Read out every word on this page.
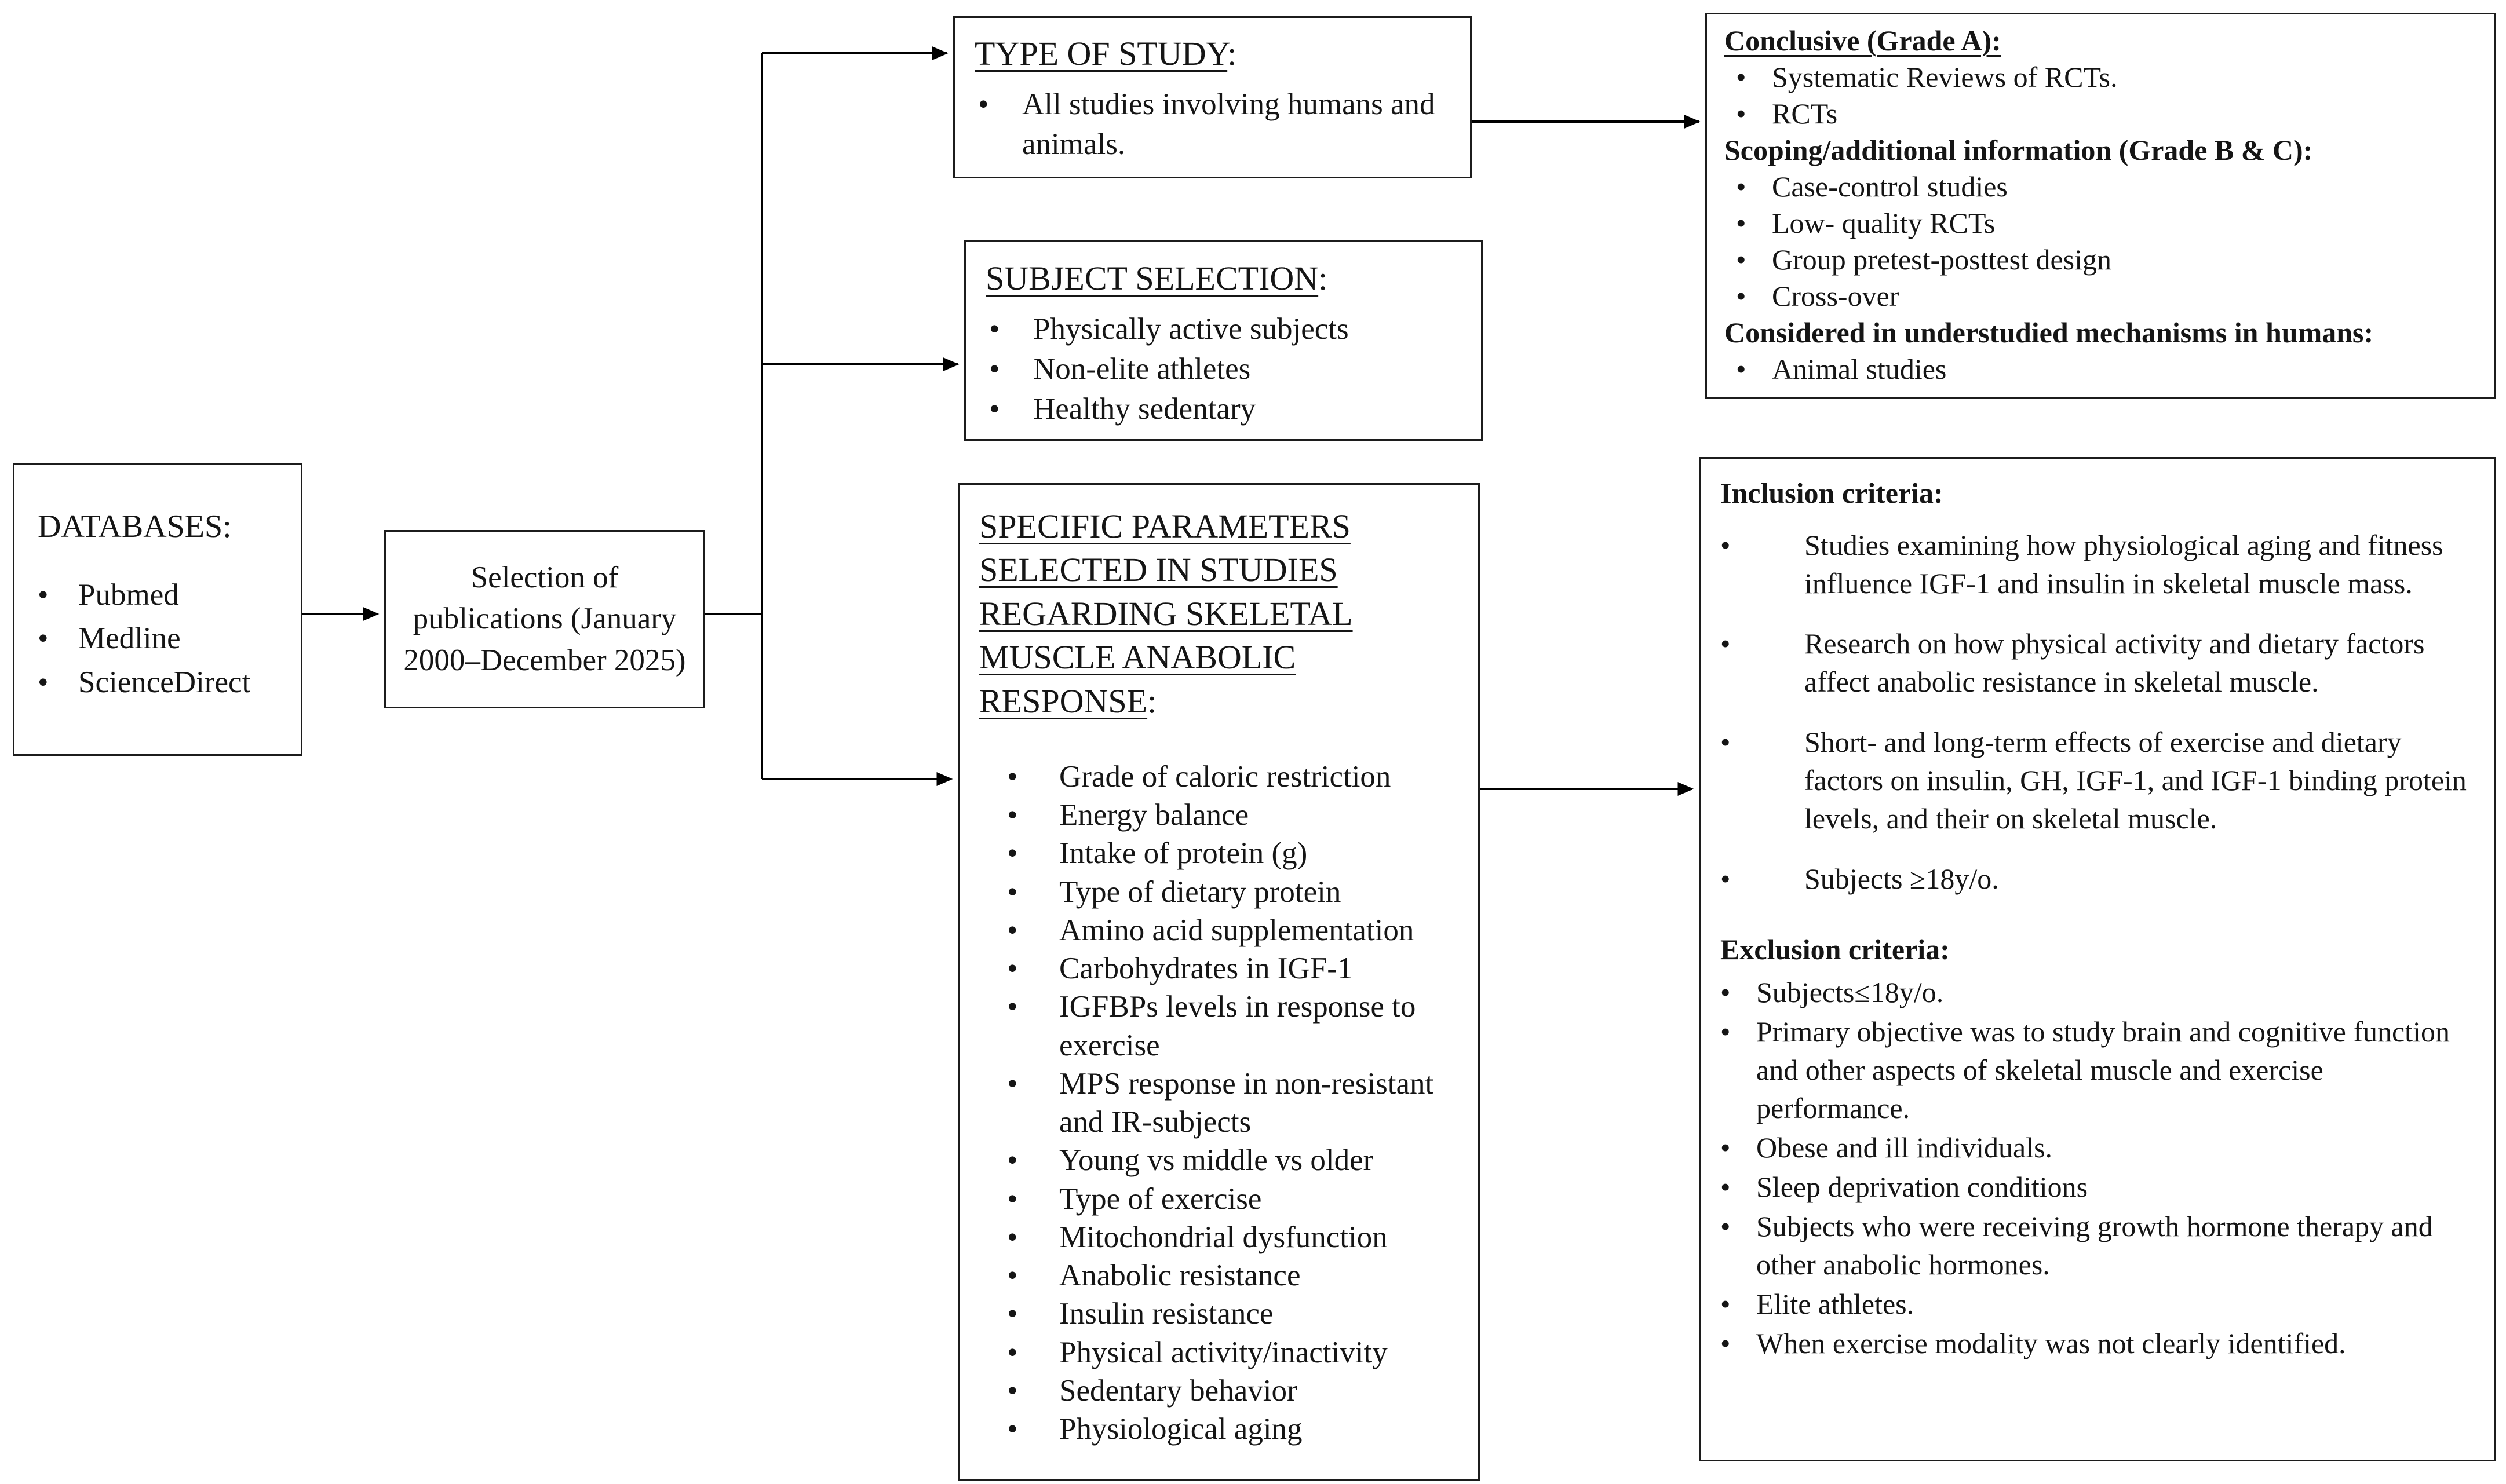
DATABASES:
• Pubmed
• Medline
• ScienceDirect
Selection of publications (January 2000–December 2025)
TYPE OF STUDY:
• All studies involving humans and animals.
SUBJECT SELECTION:
• Physically active subjects
• Non-elite athletes
• Healthy sedentary
SPECIFIC PARAMETERS SELECTED IN STUDIES REGARDING SKELETAL MUSCLE ANABOLIC RESPONSE:
• Grade of caloric restriction
• Energy balance
• Intake of protein (g)
• Type of dietary protein
• Amino acid supplementation
• Carbohydrates in IGF-1
• IGFBPs levels in response to exercise
• MPS response in non-resistant and IR-subjects
• Young vs middle vs older
• Type of exercise
• Mitochondrial dysfunction
• Anabolic resistance
• Insulin resistance
• Physical activity/inactivity
• Sedentary behavior
• Physiological aging
Conclusive (Grade A):
• Systematic Reviews of RCTs.
• RCTs
Scoping/additional information (Grade B & C):
• Case-control studies
• Low- quality RCTs
• Group pretest-posttest design
• Cross-over
Considered in understudied mechanisms in humans:
• Animal studies
Inclusion criteria:
• Studies examining how physiological aging and fitness influence IGF-1 and insulin in skeletal muscle mass.
• Research on how physical activity and dietary factors affect anabolic resistance in skeletal muscle.
• Short- and long-term effects of exercise and dietary factors on insulin, GH, IGF-1, and IGF-1 binding protein levels, and their on skeletal muscle.
• Subjects ≥18y/o.
Exclusion criteria:
• Subjects≤18y/o.
• Primary objective was to study brain and cognitive function and other aspects of skeletal muscle and exercise performance.
• Obese and ill individuals.
• Sleep deprivation conditions
• Subjects who were receiving growth hormone therapy and other anabolic hormones.
• Elite athletes.
• When exercise modality was not clearly identified.
